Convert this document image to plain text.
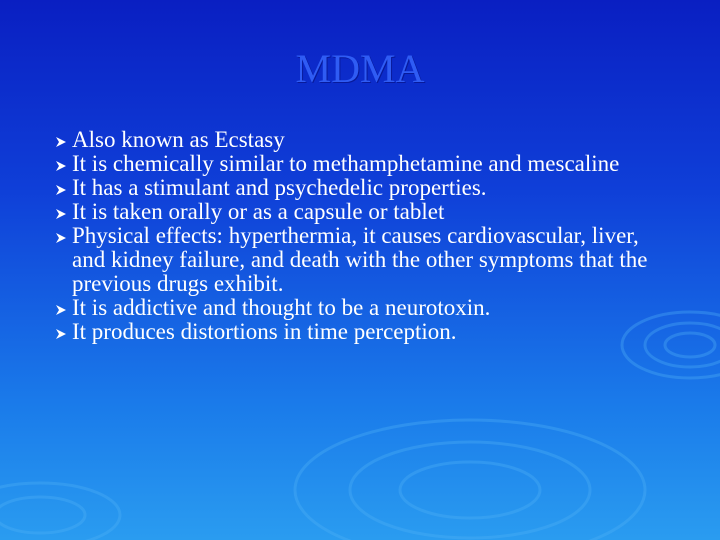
MDMA
Also known as Ecstasy
It is chemically similar to methamphetamine and mescaline
It has a stimulant and psychedelic properties.
It is taken orally or as a capsule or tablet
Physical effects: hyperthermia, it causes cardiovascular, liver, and kidney failure, and death with the other symptoms that the previous drugs exhibit.
It is addictive and thought to be a neurotoxin.
It produces distortions in time perception.
